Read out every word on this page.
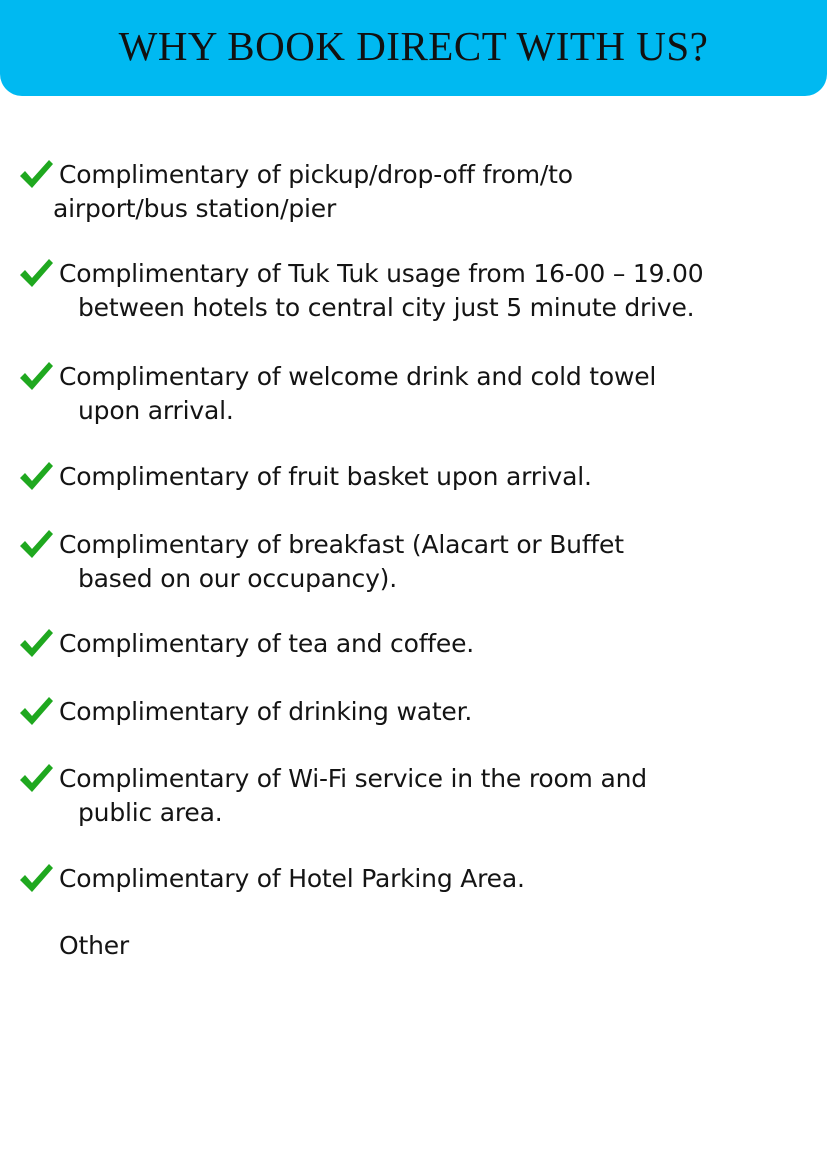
WHY BOOK DIRECT WITH US?
Complimentary of pickup/drop-off from/to
airport/bus station/pier
Complimentary of Tuk Tuk usage from 16-00 – 19.00
between hotels to central city just 5 minute drive.
Complimentary of welcome drink and cold towel
upon arrival.
Complimentary of fruit basket upon arrival.
Complimentary of breakfast (Alacart or Buffet
based on our occupancy).
Complimentary of tea and coffee.
Complimentary of drinking water.
Complimentary of Wi-Fi service in the room and
public area.
Complimentary of Hotel Parking Area.
Other
